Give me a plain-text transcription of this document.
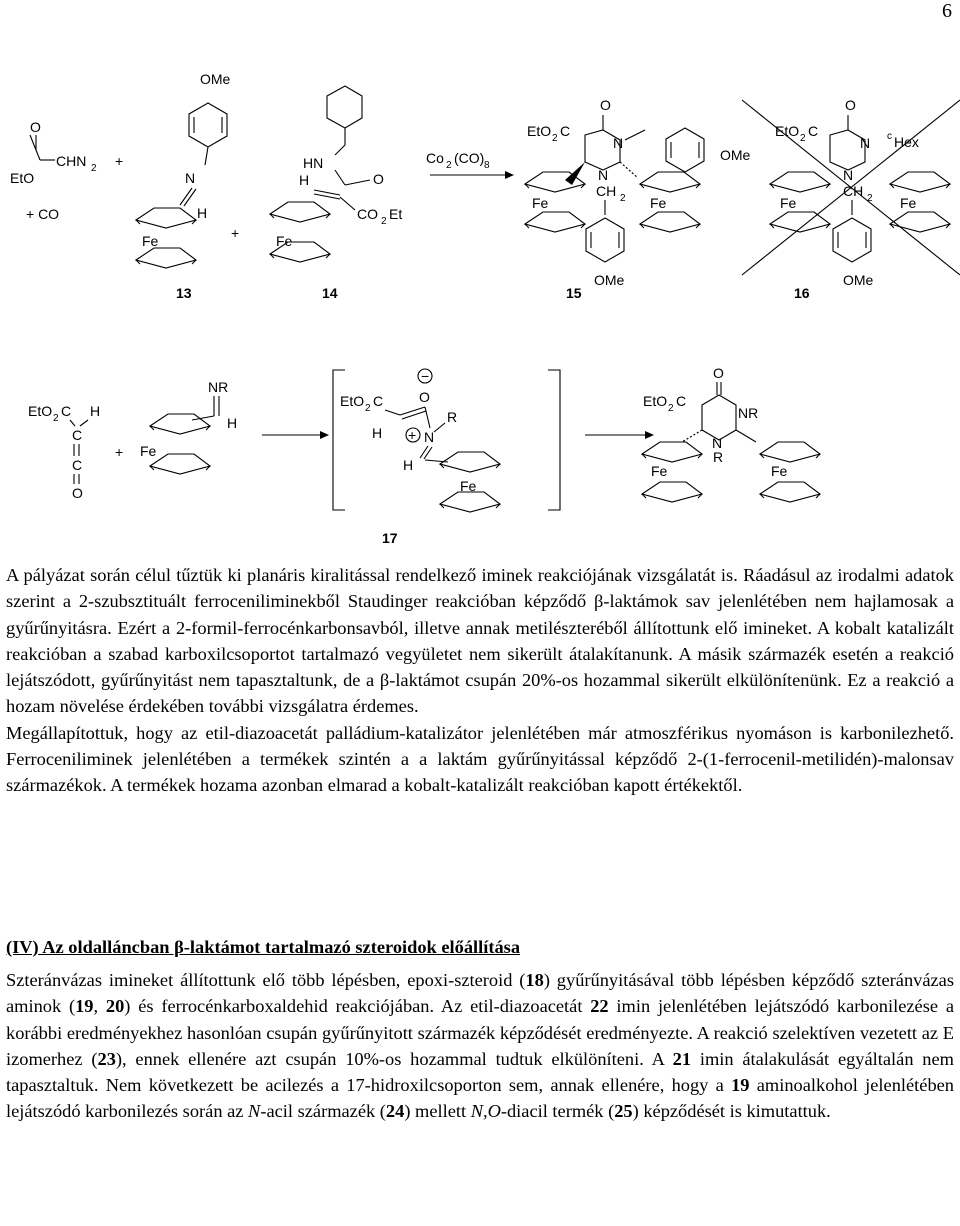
6
O
EtO
CHN 2 +
+ CO
13
OMe
N
H
Fe	+
HN
O
H
CO 2 Et
Fe
14
Co 2 (CO) 8
O
EtO 2 C
N
N
OMe
CH 2
OMe
Fe	Fe
15
O
EtO 2 C
N
N
c Hex
CH 2
OMe
Fe	Fe
16
EtO 2 C H
C
C
O
+
NR
H
Fe
EtO 2 C
−
O
H + N
R
H
Fe
17
O
EtO 2 C
NR
N
R
Fe	Fe

A pályázat során célul tűztük ki planáris kiralitással rendelkező iminek reakciójának vizsgálatát is. Ráadásul az irodalmi adatok szerint a 2-szubsztituált ferroceniliminekből Staudinger reakcióban képződő β-laktámok sav jelenlétében nem hajlamosak a gyűrűnyitásra. Ezért a 2-formil-ferrocénkarbonsavból, illetve annak metilészteréből állítottunk elő imineket. A kobalt katalizált reakcióban a szabad karboxilcsoportot tartalmazó vegyületet nem sikerült átalakítanunk. A másik származék esetén a reakció lejátszódott, gyűrűnyitást nem tapasztaltunk, de a β-laktámot csupán 20%-os hozammal sikerült elkülönítenünk. Ez a reakció a hozam növelése érdekében további vizsgálatra érdemes.

Megállapítottuk, hogy az etil-diazoacetát palládium-katalizátor jelenlétében már atmoszférikus nyomáson is karbonilezhető. Ferroceniliminek jelenlétében a termékek szintén a a laktám gyűrűnyitással képződő 2-(1-ferrocenil-metilidén)-malonsav származékok. A termékek hozama azonban elmarad a kobalt-katalizált reakcióban kapott értékektől.

(IV) Az oldalláncban β-laktámot tartalmazó szteroidok előállítása

Szteránvázas imineket állítottunk elő több lépésben, epoxi-szteroid (18) gyűrűnyitásával több lépésben képződő szteránvázas aminok (19, 20) és ferrocénkarboxaldehid reakciójában. Az etil-diazoacetát 22 imin jelenlétében lejátszódó karbonilezése a korábbi eredményekhez hasonlóan csupán gyűrűnyitott származék képződését eredményezte. A reakció szelektíven vezetett az E izomerhez (23), ennek ellenére azt csupán 10%-os hozammal tudtuk elkülöníteni. A 21 imin átalakulását egyáltalán nem tapasztaltuk. Nem következett be acilezés a 17-hidroxilcsoporton sem, annak ellenére, hogy a 19 aminoalkohol jelenlétében lejátszódó karbonilezés során az N-acil származék (24) mellett N,O-diacil termék (25) képződését is kimutattuk.
